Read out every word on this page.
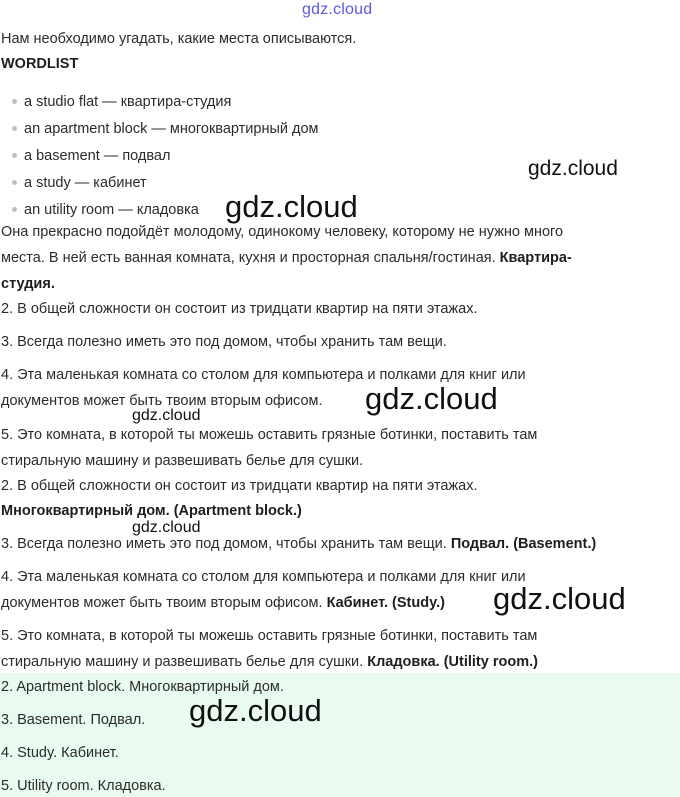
gdz.cloud
Нам необходимо угадать, какие места описываются.
WORDLIST
a studio flat — квартира-студия
an apartment block — многоквартирный дом
a basement — подвал
a study — кабинет
an utility room — кладовка
Она прекрасно подойдёт молодому, одинокому человеку, которому не нужно много
места. В ней есть ванная комната, кухня и просторная спальня/гостиная. Квартира-
студия.
2. В общей сложности он состоит из тридцати квартир на пяти этажах.
3. Всегда полезно иметь это под домом, чтобы хранить там вещи.
4. Эта маленькая комната со столом для компьютера и полками для книг или
документов может быть твоим вторым офисом.
5. Это комната, в которой ты можешь оставить грязные ботинки, поставить там
стиральную машину и развешивать белье для сушки.
2. В общей сложности он состоит из тридцати квартир на пяти этажах.
Многоквартирный дом. (Apartment block.)
3. Всегда полезно иметь это под домом, чтобы хранить там вещи. Подвал. (Basement.)
4. Эта маленькая комната со столом для компьютера и полками для книг или
документов может быть твоим вторым офисом. Кабинет. (Study.)
5. Это комната, в которой ты можешь оставить грязные ботинки, поставить там
стиральную машину и развешивать белье для сушки. Кладовка. (Utility room.)
2. Apartment block. Многоквартирный дом.
3. Basement. Подвал.
4. Study. Кабинет.
5. Utility room. Кладовка.
gdz.cloud
gdz.cloud
gdz.cloud
gdz.cloud
gdz.cloud
gdz.cloud
gdz.cloud
